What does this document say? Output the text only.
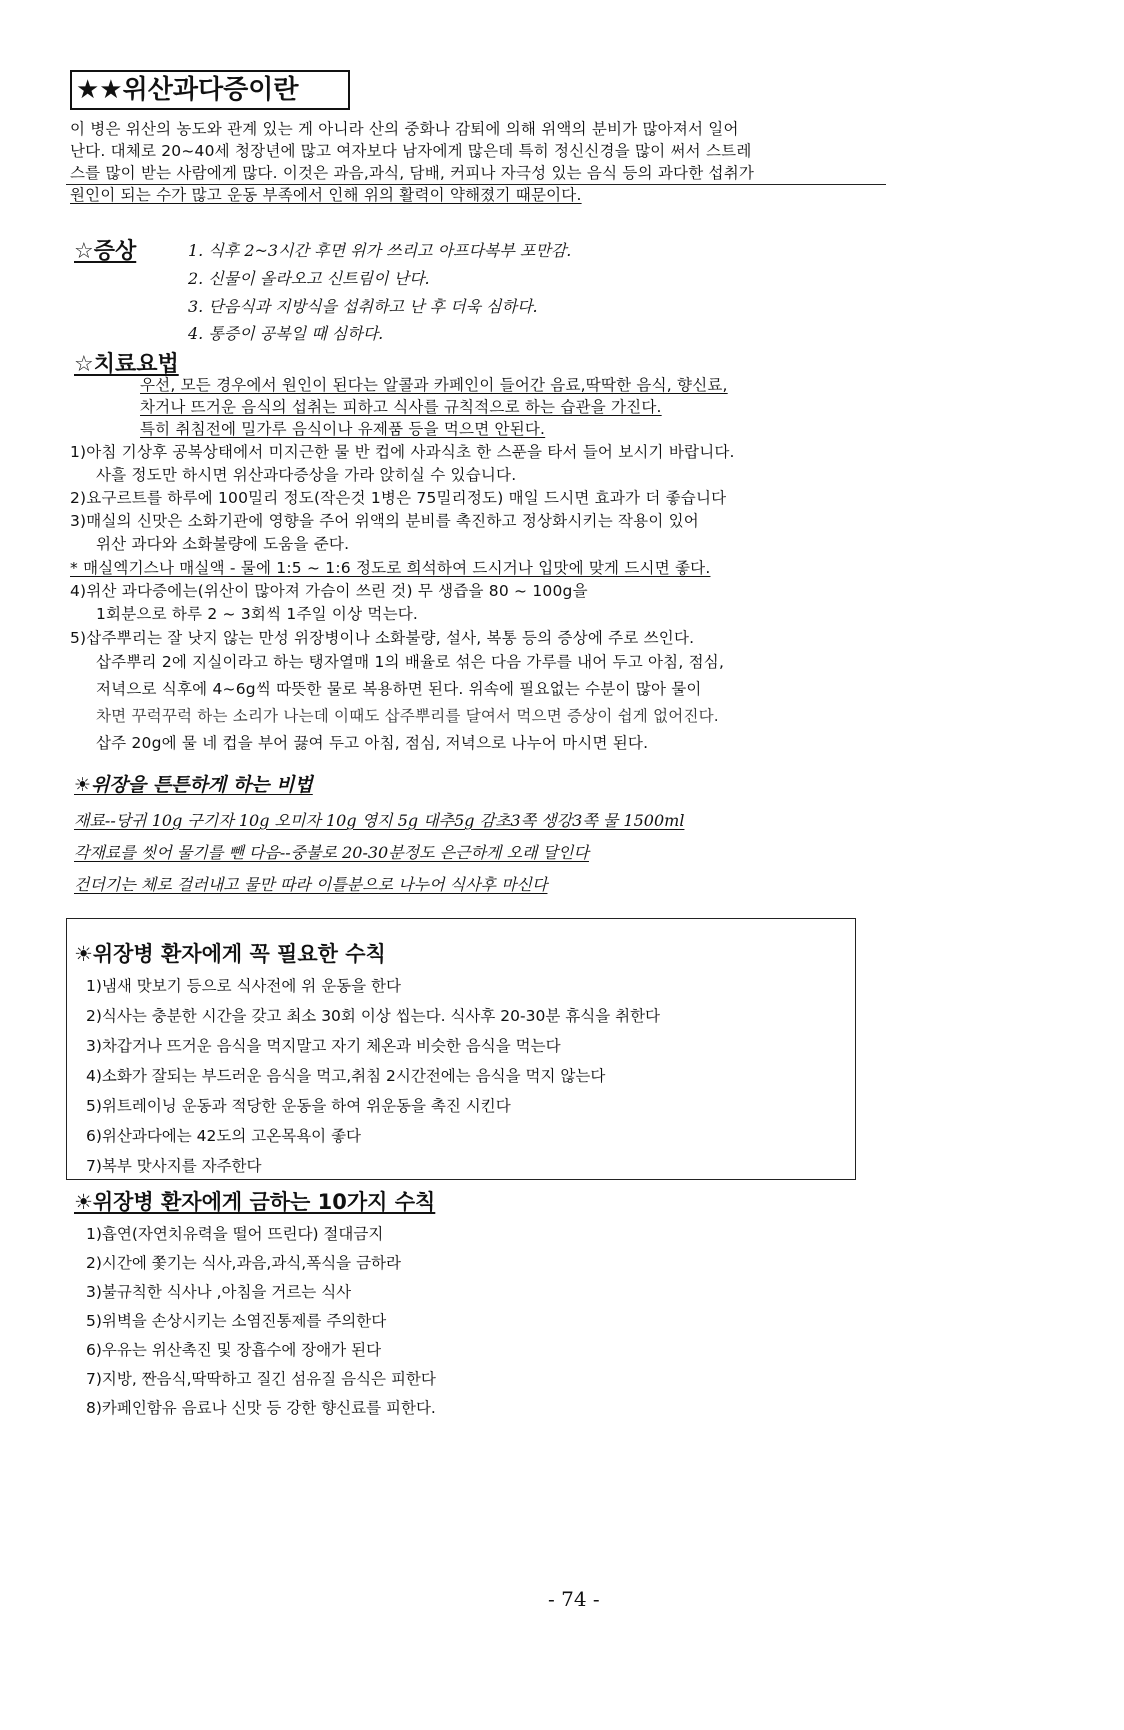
★★위산과다증이란
이 병은 위산의 농도와 관계 있는 게 아니라 산의 중화나 감퇴에 의해 위액의 분비가 많아져서 일어
난다. 대체로 20~40세 청장년에 많고 여자보다 남자에게 많은데 특히 정신신경을 많이 써서 스트레
스를 많이 받는 사람에게 많다. 이것은 과음,과식, 담배, 커피나 자극성 있는 음식 등의 과다한 섭취가
원인이 되는 수가 많고 운동 부족에서 인해 위의 활력이 약해졌기 때문이다.
☆증상	1. 식후 2~3시간 후면 위가 쓰리고 아프다복부 포만감.
2. 신물이 올라오고 신트림이 난다.
3. 단음식과 지방식을 섭취하고 난 후 더욱 심하다.
4. 통증이 공복일 때 심하다.
☆치료요법
우선, 모든 경우에서 원인이 된다는 알콜과 카페인이 들어간 음료,딱딱한 음식, 향신료,
차거나 뜨거운 음식의 섭취는 피하고 식사를 규칙적으로 하는 습관을 가진다.
특히 취침전에 밀가루 음식이나 유제품 등을 먹으면 안된다.
1)아침 기상후 공복상태에서 미지근한 물 반 컵에 사과식초 한 스푼을 타서 들어 보시기 바랍니다.
사흘 정도만 하시면 위산과다증상을 가라 앉히실 수 있습니다.
2)요구르트를 하루에 100밀리 정도(작은것 1병은 75밀리정도) 매일 드시면 효과가 더 좋습니다
3)매실의 신맛은 소화기관에 영향을 주어 위액의 분비를 촉진하고 정상화시키는 작용이 있어
위산 과다와 소화불량에 도움을 준다.
* 매실엑기스나 매실액 - 물에 1:5 ~ 1:6 정도로 희석하여 드시거나 입맛에 맞게 드시면 좋다.
4)위산 과다증에는(위산이 많아져 가슴이 쓰린 것) 무 생즙을 80 ~ 100g을
1회분으로 하루 2 ~ 3회씩 1주일 이상 먹는다.
5)삽주뿌리는 잘 낫지 않는 만성 위장병이나 소화불량, 설사, 복통 등의 증상에 주로 쓰인다.
삽주뿌리 2에 지실이라고 하는 탱자열매 1의 배율로 섞은 다음 가루를 내어 두고 아침, 점심,
저녁으로 식후에 4~6g씩 따뜻한 물로 복용하면 된다. 위속에 필요없는 수분이 많아 물이
차면 꾸럭꾸럭 하는 소리가 나는데 이때도 삽주뿌리를 달여서 먹으면 증상이 쉽게 없어진다.
삽주 20g에 물 네 컵을 부어 끓여 두고 아침, 점심, 저녁으로 나누어 마시면 된다.
☀위장을 튼튼하게 하는 비법
재료--당귀 10g 구기자 10g 오미자 10g 영지 5g 대추5g 감초3쪽 생강3쪽 물 1500ml
각재료를 씻어 물기를 뺀 다음--중불로 20-30분정도 은근하게 오래 달인다
건더기는 체로 걸러내고 물만 따라 이틀분으로 나누어 식사후 마신다
☀위장병 환자에게 꼭 필요한 수칙
1)냄새 맛보기 등으로 식사전에 위 운동을 한다
2)식사는 충분한 시간을 갖고 최소 30회 이상 씹는다. 식사후 20-30분 휴식을 취한다
3)차갑거나 뜨거운 음식을 먹지말고 자기 체온과 비슷한 음식을 먹는다
4)소화가 잘되는 부드러운 음식을 먹고,취침 2시간전에는 음식을 먹지 않는다
5)위트레이닝 운동과 적당한 운동을 하여 위운동을 촉진 시킨다
6)위산과다에는 42도의 고온목욕이 좋다
7)복부 맛사지를 자주한다
☀위장병 환자에게 금하는 10가지 수칙
1)흡연(자연치유력을 떨어 뜨린다) 절대금지
2)시간에 쫓기는 식사,과음,과식,폭식을 금하라
3)불규칙한 식사나 ,아침을 거르는 식사
5)위벽을 손상시키는 소염진통제를 주의한다
6)우유는 위산촉진 및 장흡수에 장애가 된다
7)지방, 짠음식,딱딱하고 질긴 섬유질 음식은 피한다
8)카페인함유 음료나 신맛 등 강한 향신료를 피한다.
- 74 -
